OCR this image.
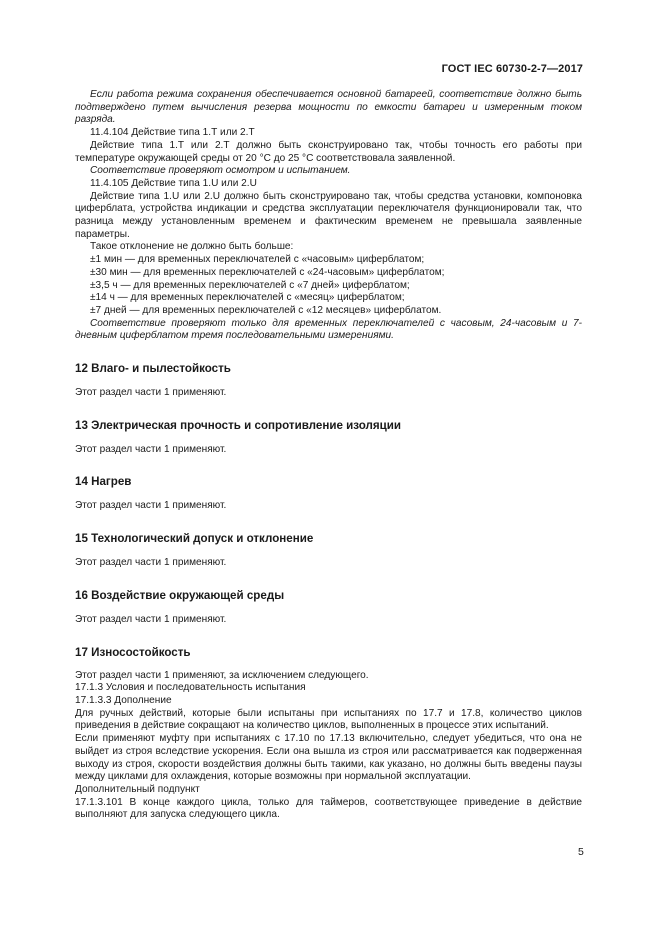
ГОСТ IEC 60730-2-7—2017

Если работа режима сохранения обеспечивается основной батареей, соответствие должно быть подтверждено путем вычисления резерва мощности по емкости батареи и измеренным током разряда.

11.4.104 Действие типа 1.Т или 2.Т

Действие типа 1.Т или 2.Т должно быть сконструировано так, чтобы точность его работы при температуре окружающей среды от 20 °С до 25 °С соответствовала заявленной.

Соответствие проверяют осмотром и испытанием.

11.4.105 Действие типа 1.U или 2.U

Действие типа 1.U или 2.U должно быть сконструировано так, чтобы средства установки, компоновка циферблата, устройства индикации и средства эксплуатации переключателя функционировали так, что разница между установленным временем и фактическим временем не превышала заявленные параметры.

Такое отклонение не должно быть больше:

±1 мин — для временных переключателей с «часовым» циферблатом;

±30 мин — для временных переключателей с «24-часовым» циферблатом;

±3,5 ч — для временных переключателей с «7 дней» циферблатом;

±14 ч — для временных переключателей с «месяц» циферблатом;

±7 дней — для временных переключателей с «12 месяцев» циферблатом.

Соответствие проверяют только для временных переключателей с часовым, 24-часовым и 7-дневным циферблатом тремя последовательными измерениями.

12 Влаго- и пылестойкость

Этот раздел части 1 применяют.

13 Электрическая прочность и сопротивление изоляции

Этот раздел части 1 применяют.

14 Нагрев

Этот раздел части 1 применяют.

15 Технологический допуск и отклонение

Этот раздел части 1 применяют.

16 Воздействие окружающей среды

Этот раздел части 1 применяют.

17 Износостойкость

Этот раздел части 1 применяют, за исключением следующего.

17.1.3 Условия и последовательность испытания

17.1.3.3 Дополнение

Для ручных действий, которые были испытаны при испытаниях по 17.7 и 17.8, количество циклов приведения в действие сокращают на количество циклов, выполненных в процессе этих испытаний.

Если применяют муфту при испытаниях с 17.10 по 17.13 включительно, следует убедиться, что она не выйдет из строя вследствие ускорения. Если она вышла из строя или рассматривается как подверженная выходу из строя, скорости воздействия должны быть такими, как указано, но должны быть введены паузы между циклами для охлаждения, которые возможны при нормальной эксплуатации.

Дополнительный подпункт

17.1.3.101 В конце каждого цикла, только для таймеров, соответствующее приведение в действие выполняют для запуска следующего цикла.

5
